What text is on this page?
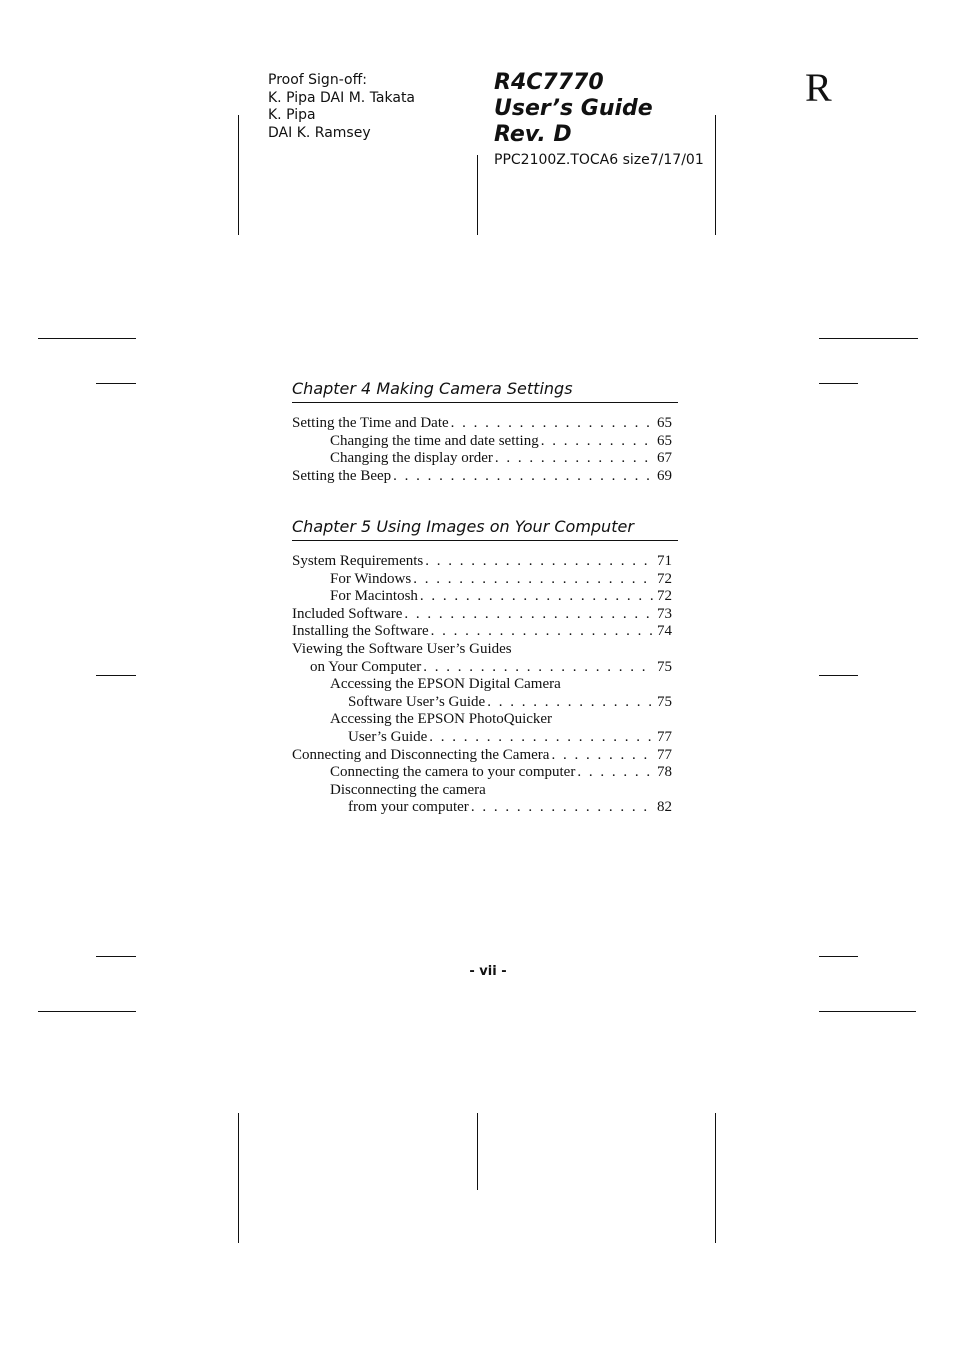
Proof Sign-off:
K. Pipa DAI M. Takata
K. Pipa
DAI K. Ramsey
R4C7770
User’s Guide
Rev. D
PPC2100Z.TOCA6 size7/17/01
R
Chapter 4 Making Camera Settings
Setting the Time and Date . . .	65
Changing the time and date setting . . .	65
Changing the display order . . .	67
Setting the Beep . . .	69
Chapter 5 Using Images on Your Computer
System Requirements . . .	71
For Windows . . .	72
For Macintosh . . .	72
Included Software . . .	73
Installing the Software . . .	74
Viewing the Software User’s Guides
on Your Computer . . .	75
Accessing the EPSON Digital Camera
Software User’s Guide . . .	75
Accessing the EPSON PhotoQuicker
User’s Guide . . .	77
Connecting and Disconnecting the Camera . . .	77
Connecting the camera to your computer . . .	78
Disconnecting the camera
from your computer . . .	82
- vii -
